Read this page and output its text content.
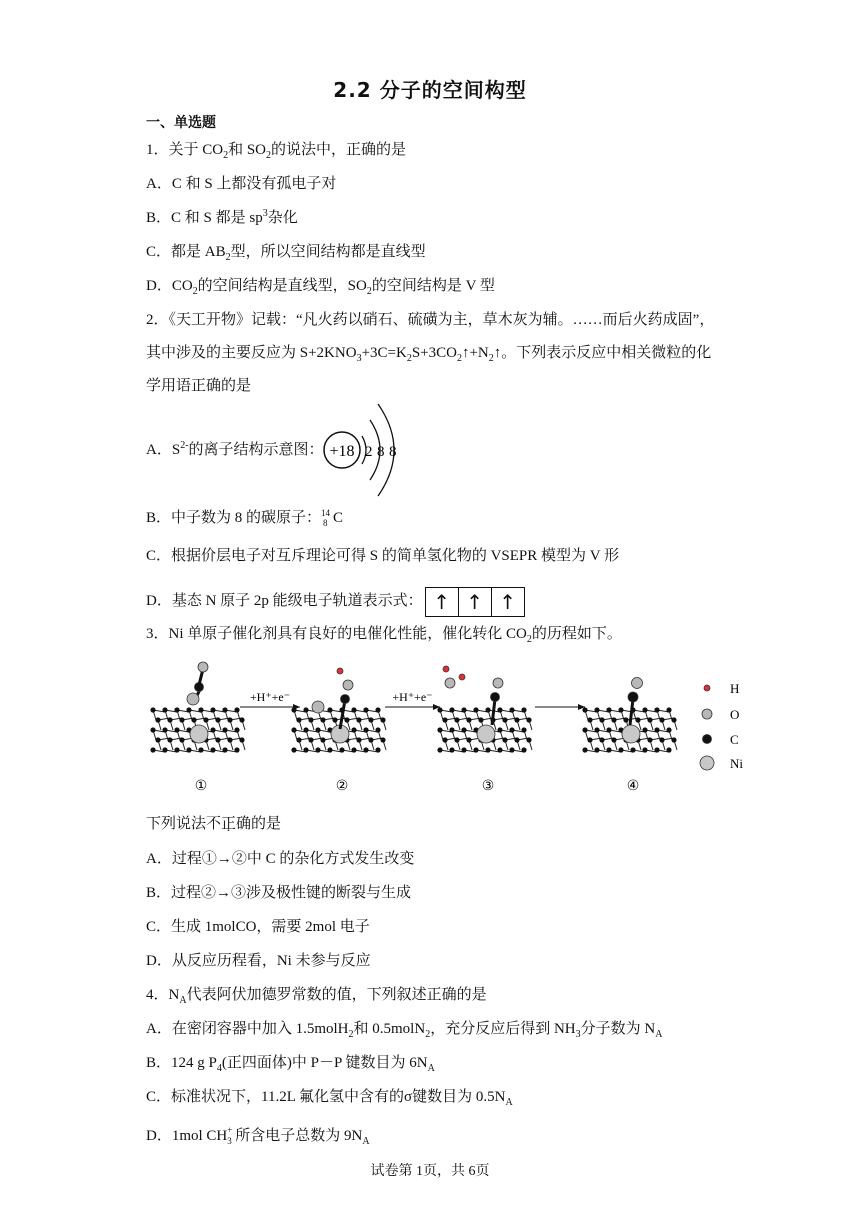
2.2 分子的空间构型
一、单选题
1．关于 $CO_2$和 $SO_2$的说法中，正确的是
A．C 和 S 上都没有孤电子对
B．C 和 S 都是 $sp^3$杂化
C．都是 $AB_2$型，所以空间结构都是直线型
D．$CO_2$的空间结构是直线型，$SO_2$的空间结构是 V 型
2．《天工开物》记载：“凡火药以硝石、硫磺为主，草木灰为辅。……而后火药成固”，
其中涉及的主要反应为 $S+2KNO_3+3C=K_2S+3CO_2↑+N_2↑$。下列表示反应中相关微粒的化
学用语正确的是
A．$S^{2-}$的离子结构示意图： +18 2 8 8
B．中子数为 8 的碳原子： 14
8 C
C．根据价层电子对互斥理论可得 S 的简单氢化物的 VSEPR 模型为 V 形
D．基态 N 原子 2p 能级电子轨道表示式： ↑ ↑ ↑
3．Ni 单原子催化剂具有良好的电催化性能，催化转化 $CO_2$的历程如下。
+H⁺+e⁻	+H⁺+e⁻
①	②	③	④
H
O
C
Ni
下列说法不正确的是
A．过程①→②中 C 的杂化方式发生改变
B．过程②→③涉及极性键的断裂与生成
C．生成 1molCO，需要 2mol 电子
D．从反应历程看，Ni 未参与反应
4．$N_A$代表阿伏加德罗常数的值，下列叙述正确的是
A．在密闭容器中加入 1.5molH$_2$和 0.5molN$_2$，充分反应后得到 $NH_3$分子数为 $N_A$
B．124 g $P_4$(正四面体)中 P－P 键数目为 $6N_A$
C．标准状况下，11.2L 氟化氢中含有的σ键数目为 $0.5N_A$
D．1mol CH +
3 所含电子总数为 $9N_A$
试卷第 1页，共 6页
